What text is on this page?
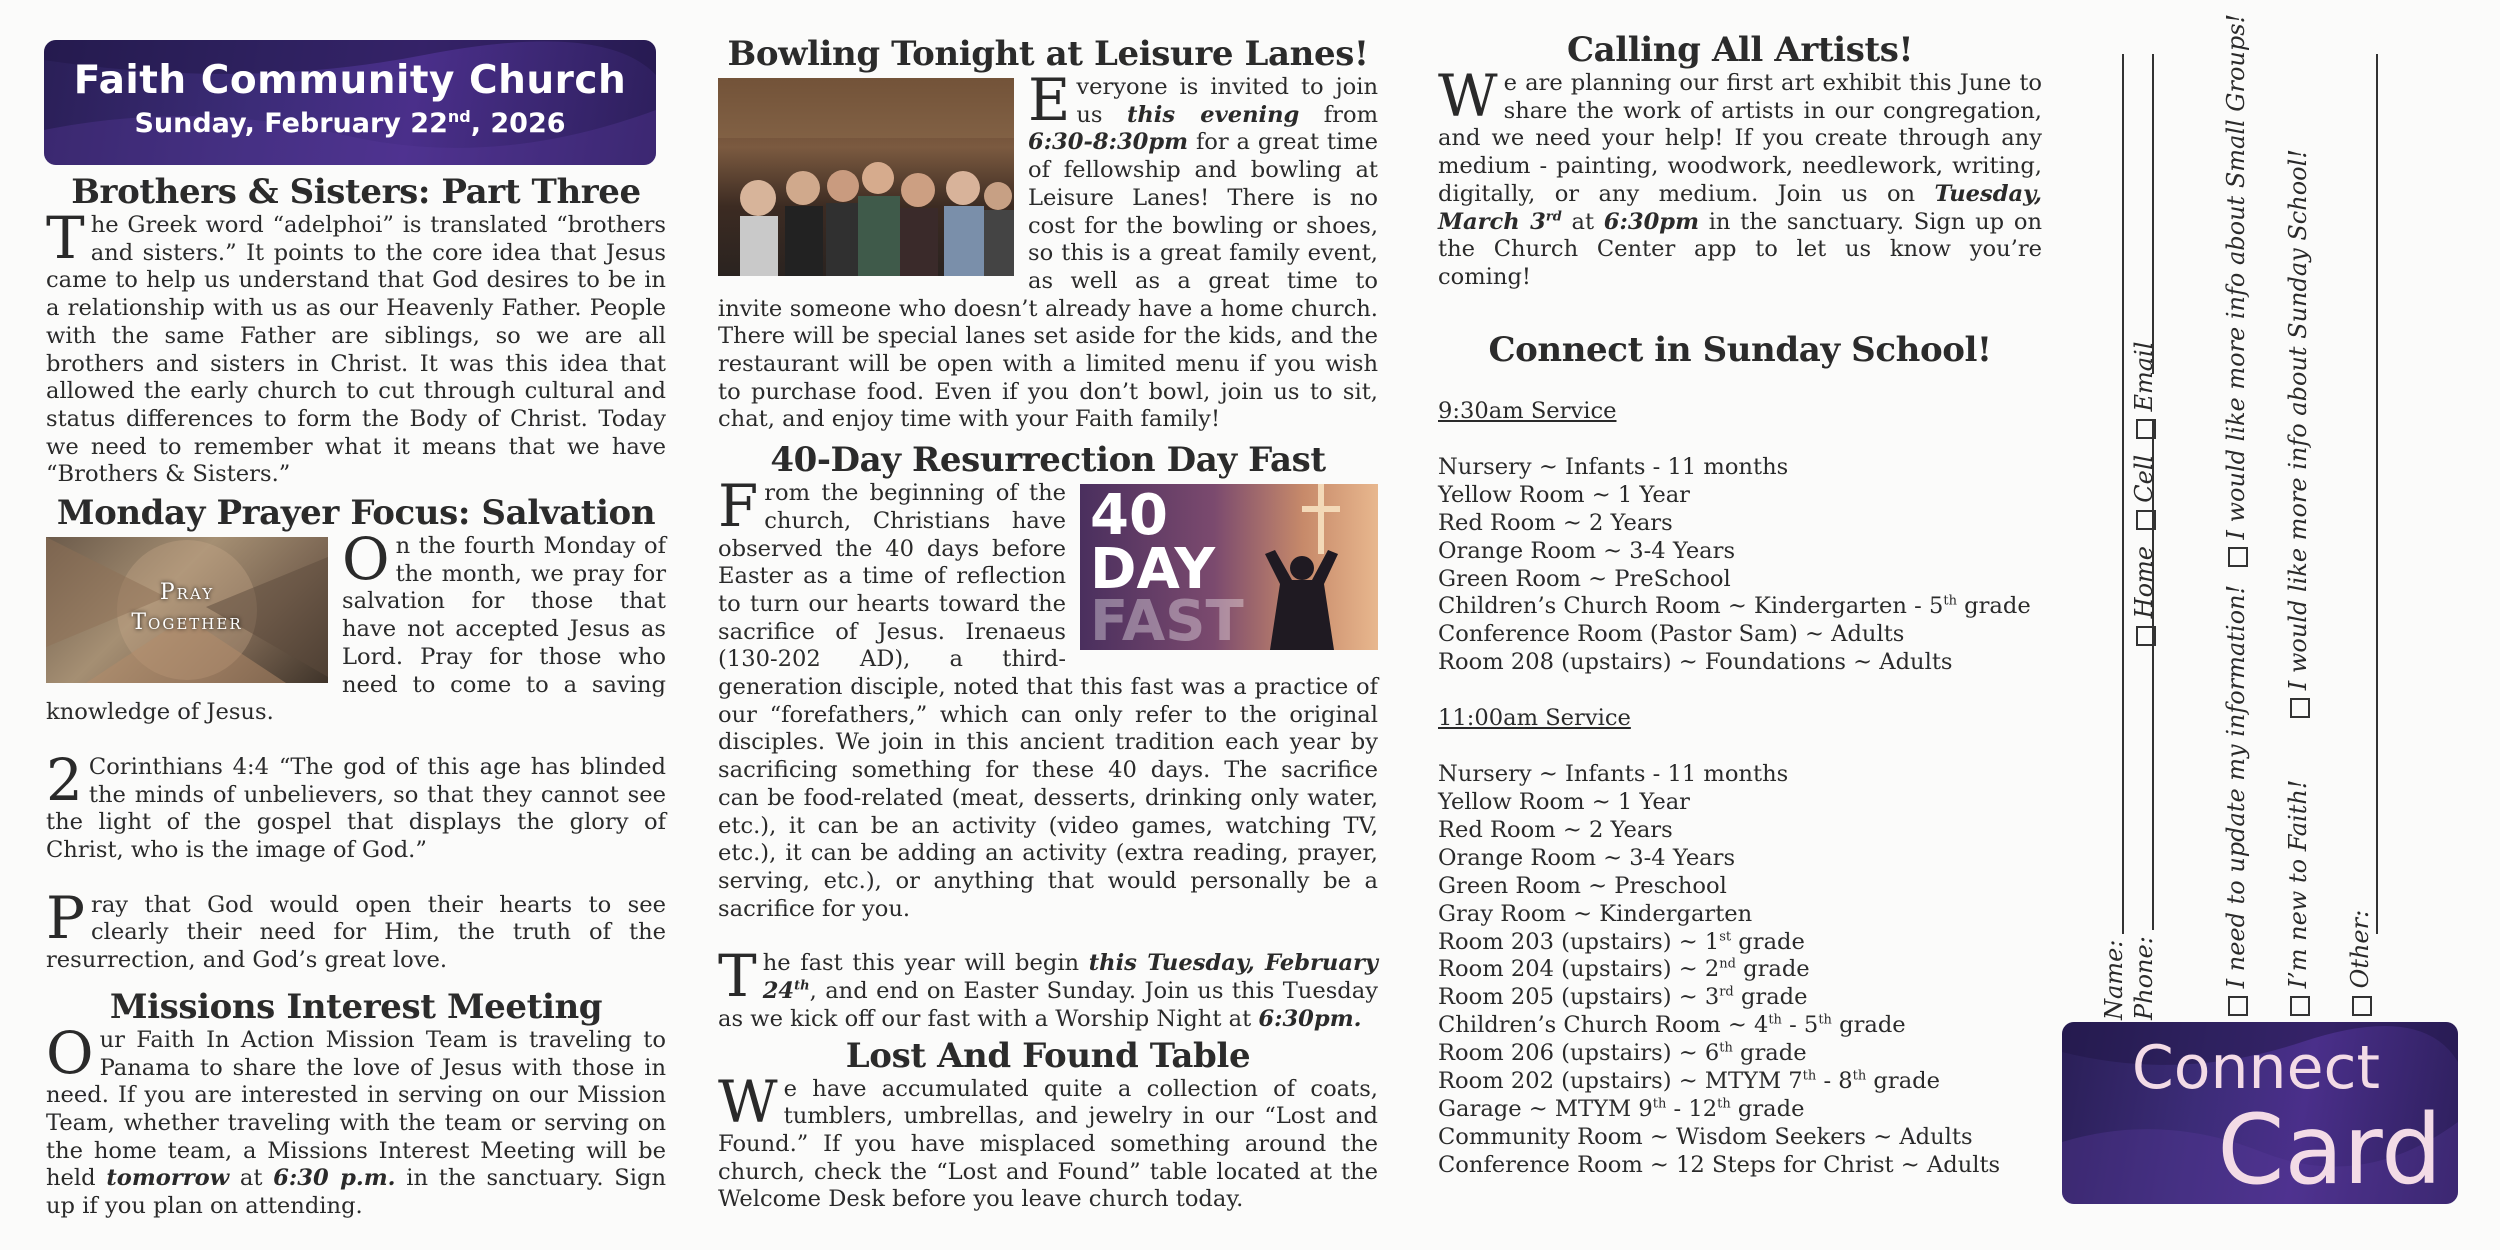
Faith Community Church
Sunday, February 22nd, 2026
Brothers & Sisters: Part Three
The Greek word “adelphoi” is translated “brothers and sisters.” It points to the core idea that Jesus came to help us understand that God desires to be in a relationship with us as our Heavenly Father. People with the same Father are siblings, so we are all brothers and sisters in Christ. It was this idea that allowed the early church to cut through cultural and status differences to form the Body of Christ. Today we need to remember what it means that we have “Brothers & Sisters.”
Monday Prayer Focus: Salvation
Pray
Together

On the fourth Monday of the month, we pray for salvation for those that have not accepted Jesus as Lord. Pray for those who need to come to a saving knowledge of Jesus.

2 Corinthians 4:4 “The god of this age has blinded the minds of unbelievers, so that they cannot see the light of the gospel that displays the glory of Christ, who is the image of God.”

Pray that God would open their hearts to see clearly their need for Him, the truth of the resurrection, and God’s great love.

Missions Interest Meeting
Our Faith In Action Mission Team is traveling to Panama to share the love of Jesus with those in need. If you are interested in serving on our Mission Team, whether traveling with the team or serving on the home team, a Missions Interest Meeting will be held tomorrow at 6:30 p.m. in the sanctuary. Sign up if you plan on attending.
Bowling Tonight at Leisure Lanes!
Everyone is invited to join us this evening from 6:30-8:30pm for a great time of fellowship and bowling at Leisure Lanes! There is no cost for the bowling or shoes, so this is a great family event, as well as a great time to invite someone who doesn’t already have a home church. There will be special lanes set aside for the kids, and the restaurant will be open with a limited menu if you wish to purchase food. Even if you don’t bowl, join us to sit, chat, and enjoy time with your Faith family!
40-Day Resurrection Day Fast
40
DAY
FAST

From the beginning of the church, Christians have observed the 40 days before Easter as a time of reflection to turn our hearts toward the sacrifice of Jesus. Irenaeus (130-202 AD), a third-generation disciple, noted that this fast was a practice of our “forefathers,” which can only refer to the original disciples. We join in this ancient tradition each year by sacrificing something for these 40 days. The sacrifice can be food-related (meat, desserts, drinking only water, etc.), it can be an activity (video games, watching TV, etc.), it can be adding an activity (extra reading, prayer, serving, etc.), or anything that would personally be a sacrifice for you.

The fast this year will begin this Tuesday, February 24th, and end on Easter Sunday. Join us this Tuesday as we kick off our fast with a Worship Night at 6:30pm.

Lost And Found Table
We have accumulated quite a collection of coats, tumblers, umbrellas, and jewelry in our “Lost and Found.” If you have misplaced something around the church, check the “Lost and Found” table located at the Welcome Desk before you leave church today.
Calling All Artists!
We are planning our first art exhibit this June to share the work of artists in our congregation, and we need your help! If you create through any medium - painting, woodwork, needlework, writing, digitally, or any medium. Join us on Tuesday, March 3rd at 6:30pm in the sanctuary. Sign up on the Church Center app to let us know you’re coming!
Connect in Sunday School!
9:30am Service
Nursery ~ Infants - 11 months
Yellow Room ~ 1 Year
Red Room ~ 2 Years
Orange Room ~ 3-4 Years
Green Room ~ PreSchool
Children’s Church Room ~ Kindergarten - 5th grade
Conference Room (Pastor Sam) ~ Adults
Room 208 (upstairs) ~ Foundations ~ Adults
11:00am Service
Nursery ~ Infants - 11 months
Yellow Room ~ 1 Year
Red Room ~ 2 Years
Orange Room ~ 3-4 Years
Green Room ~ Preschool
Gray Room ~ Kindergarten
Room 203 (upstairs) ~ 1st grade
Room 204 (upstairs) ~ 2nd grade
Room 205 (upstairs) ~ 3rd grade
Children’s Church Room ~ 4th - 5th grade
Room 206 (upstairs) ~ 6th grade
Room 202 (upstairs) ~ MTYM 7th - 8th grade
Garage ~ MTYM 9th - 12th grade
Community Room ~ Wisdom Seekers ~ Adults
Conference Room ~ 12 Steps for Christ ~ Adults
Name: Phone:
Home  Cell  Email
I need to update my information!  I would like more info about Small Groups!
I’m new to Faith!  I would like more info about Sunday School!
Other:
Connect
Card
